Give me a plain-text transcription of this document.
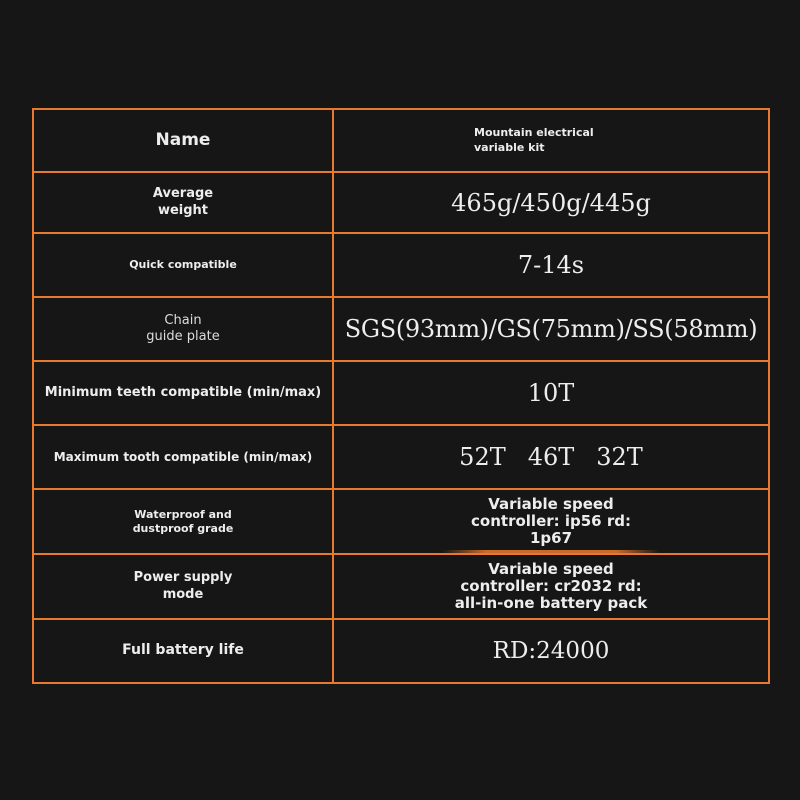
Name	Mountain electrical
variable kit

Average
weight	465g/450g/445g

Quick compatible	7-14s

Chain
guide plate	SGS(93mm)/GS(75mm)/SS(58mm)

Minimum teeth compatible (min/max)	10T

Maximum tooth compatible (min/max)	52T 46T 32T

Waterproof and
dustproof grade	Variable speed
controller: ip56 rd:
1p67

Power supply
mode	Variable speed
controller: cr2032 rd:
all-in-one battery pack

Full battery life	RD:24000
